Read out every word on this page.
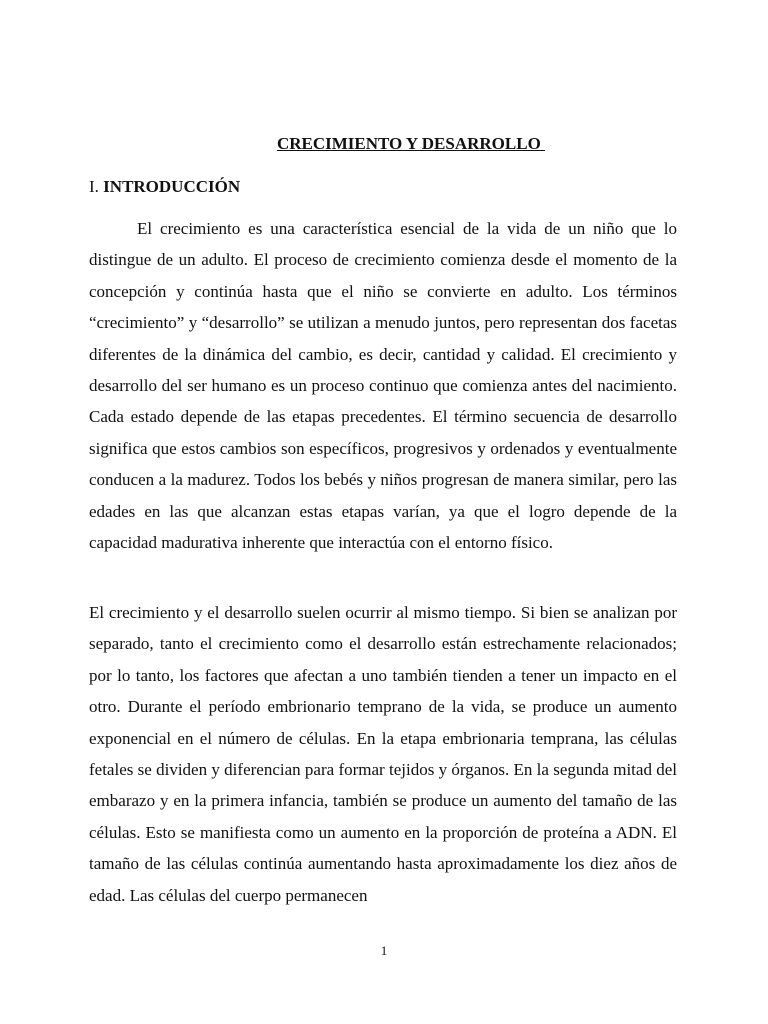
CRECIMIENTO Y DESARROLLO
I. INTRODUCCIÓN

El crecimiento es una característica esencial de la vida de un niño que lo distingue de un adulto. El proceso de crecimiento comienza desde el momento de la concepción y continúa hasta que el niño se convierte en adulto. Los términos “crecimiento” y “desarrollo” se utilizan a menudo juntos, pero representan dos facetas diferentes de la dinámica del cambio, es decir, cantidad y calidad. El crecimiento y desarrollo del ser humano es un proceso continuo que comienza antes del nacimiento. Cada estado depende de las etapas precedentes. El término secuencia de desarrollo significa que estos cambios son específicos, progresivos y ordenados y eventualmente conducen a la madurez. Todos los bebés y niños progresan de manera similar, pero las edades en las que alcanzan estas etapas varían, ya que el logro depende de la capacidad madurativa inherente que interactúa con el entorno físico.

El crecimiento y el desarrollo suelen ocurrir al mismo tiempo. Si bien se analizan por separado, tanto el crecimiento como el desarrollo están estrechamente relacionados; por lo tanto, los factores que afectan a uno también tienden a tener un impacto en el otro. Durante el período embrionario temprano de la vida, se produce un aumento exponencial en el número de células. En la etapa embrionaria temprana, las células fetales se dividen y diferencian para formar tejidos y órganos. En la segunda mitad del embarazo y en la primera infancia, también se produce un aumento del tamaño de las células. Esto se manifiesta como un aumento en la proporción de proteína a ADN. El tamaño de las células continúa aumentando hasta aproximadamente los diez años de edad. Las células del cuerpo permanecen

1
